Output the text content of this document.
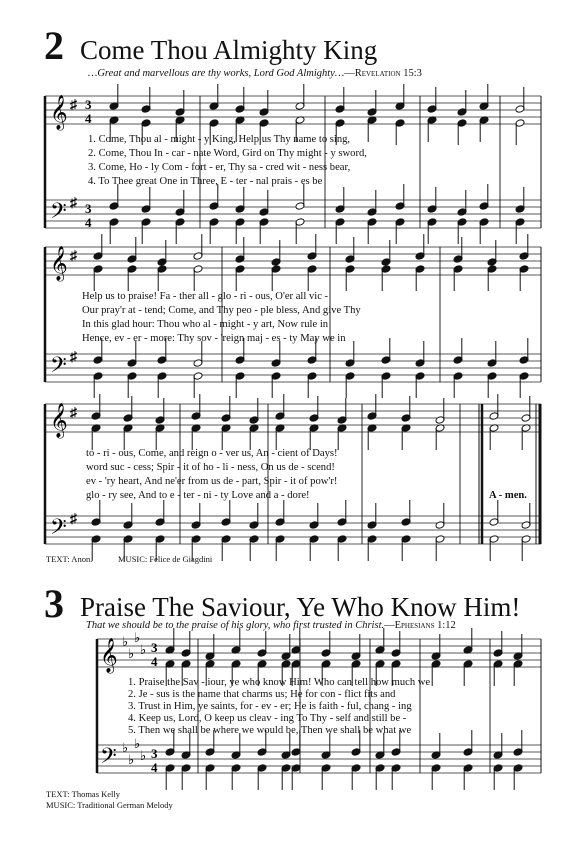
2 Come Thou Almighty King
…Great and marvellous are thy works, Lord God Almighty…—Revelation 15:3
𝄞
𝄢
♯
♯
3
4
3
4
𝄞
𝄢
♯
♯
𝄞
𝄢
♯
♯
𝄞
𝄢
♭
♭
♭
♭
♭
♭
♭
♭
3
4
3
4
1. Come, Thou al - might - y King, Help us Thy name to sing,
2. Come, Thou In - car - nate Word, Gird on Thy might - y sword,
3. Come, Ho - ly Com - fort - er, Thy sa - cred wit - ness bear,
4. To Thee great One in Three, E - ter - nal prais - es be
Help us to praise! Fa - ther all - glo - ri - ous, O'er all vic -
Our pray'r at - tend; Come, and Thy peo - ple bless, And give Thy
In this glad hour: Thou who al - might - y art, Now rule in
Hence, ev - er - more: Thy sov - 'reign maj - es - ty May we in
to - ri - ous, Come, and reign o - ver us, An - cient of Days!
word suc - cess; Spir - it of ho - li - ness, On us de - scend!
ev - 'ry heart, And ne'er from us de - part, Spir - it of pow'r!
glo - ry see, And to e - ter - ni - ty Love and a - dore!	A - men.
TEXT: Anon.	MUSIC: Felice de Giagdini
3 Praise The Saviour, Ye Who Know Him!
That we should be to the praise of his glory, who first trusted in Christ.—Ephesians 1:12
1. Praise the Sav - iour, ye who know Him! Who can tell how much we
2. Je - sus is the name that charms us; He for con - flict fits and
3. Trust in Him, ye saints, for - ev - er; He is faith - ful, chang - ing
4. Keep us, Lord, O keep us cleav - ing To Thy - self and still be -
5. Then we shall be where we would be, Then we shall be what we
TEXT: Thomas Kelly
MUSIC: Traditional German Melody
